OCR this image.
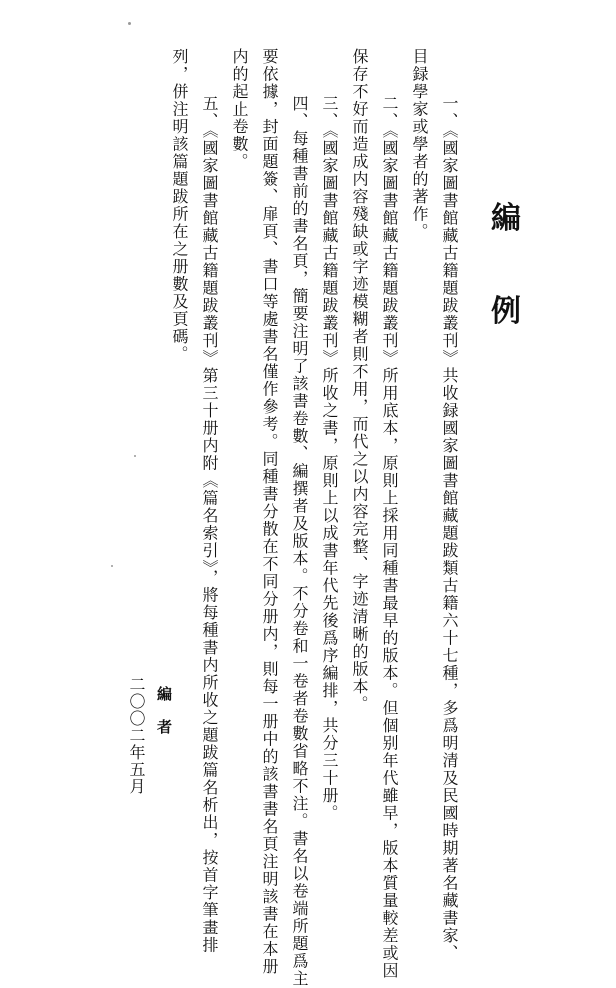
編
例
一、《國家圖書館藏古籍題跋叢刊》共收録國家圖書館藏題跋類古籍六十七種，多爲明清及民國時期著名藏書家、
目録學家或學者的著作。
二、《國家圖書館藏古籍題跋叢刊》所用底本，原則上採用同種書最早的版本。但個别年代雖早，版本質量較差或因
保存不好而造成内容殘缺或字迹模糊者則不用，而代之以内容完整、字迹清晰的版本。
三、《國家圖書館藏古籍題跋叢刊》所收之書，原則上以成書年代先後爲序編排，共分三十册。
四、每種書前的書名頁，簡要注明了該書卷數、編撰者及版本。不分卷和一卷者卷數省略不注。書名以卷端所題爲主
要依據，封面題簽、扉頁、書口等處書名僅作參考。同種書分散在不同分册内，則每一册中的該書書名頁注明該書在本册
内的起止卷數。
五、《國家圖書館藏古籍題跋叢刊》第三十册内附《篇名索引》，將每種書内所收之題跋篇名析出，按首字筆畫排
列，併注明該篇題跋所在之册數及頁碼。
編者
二〇〇二年五月
